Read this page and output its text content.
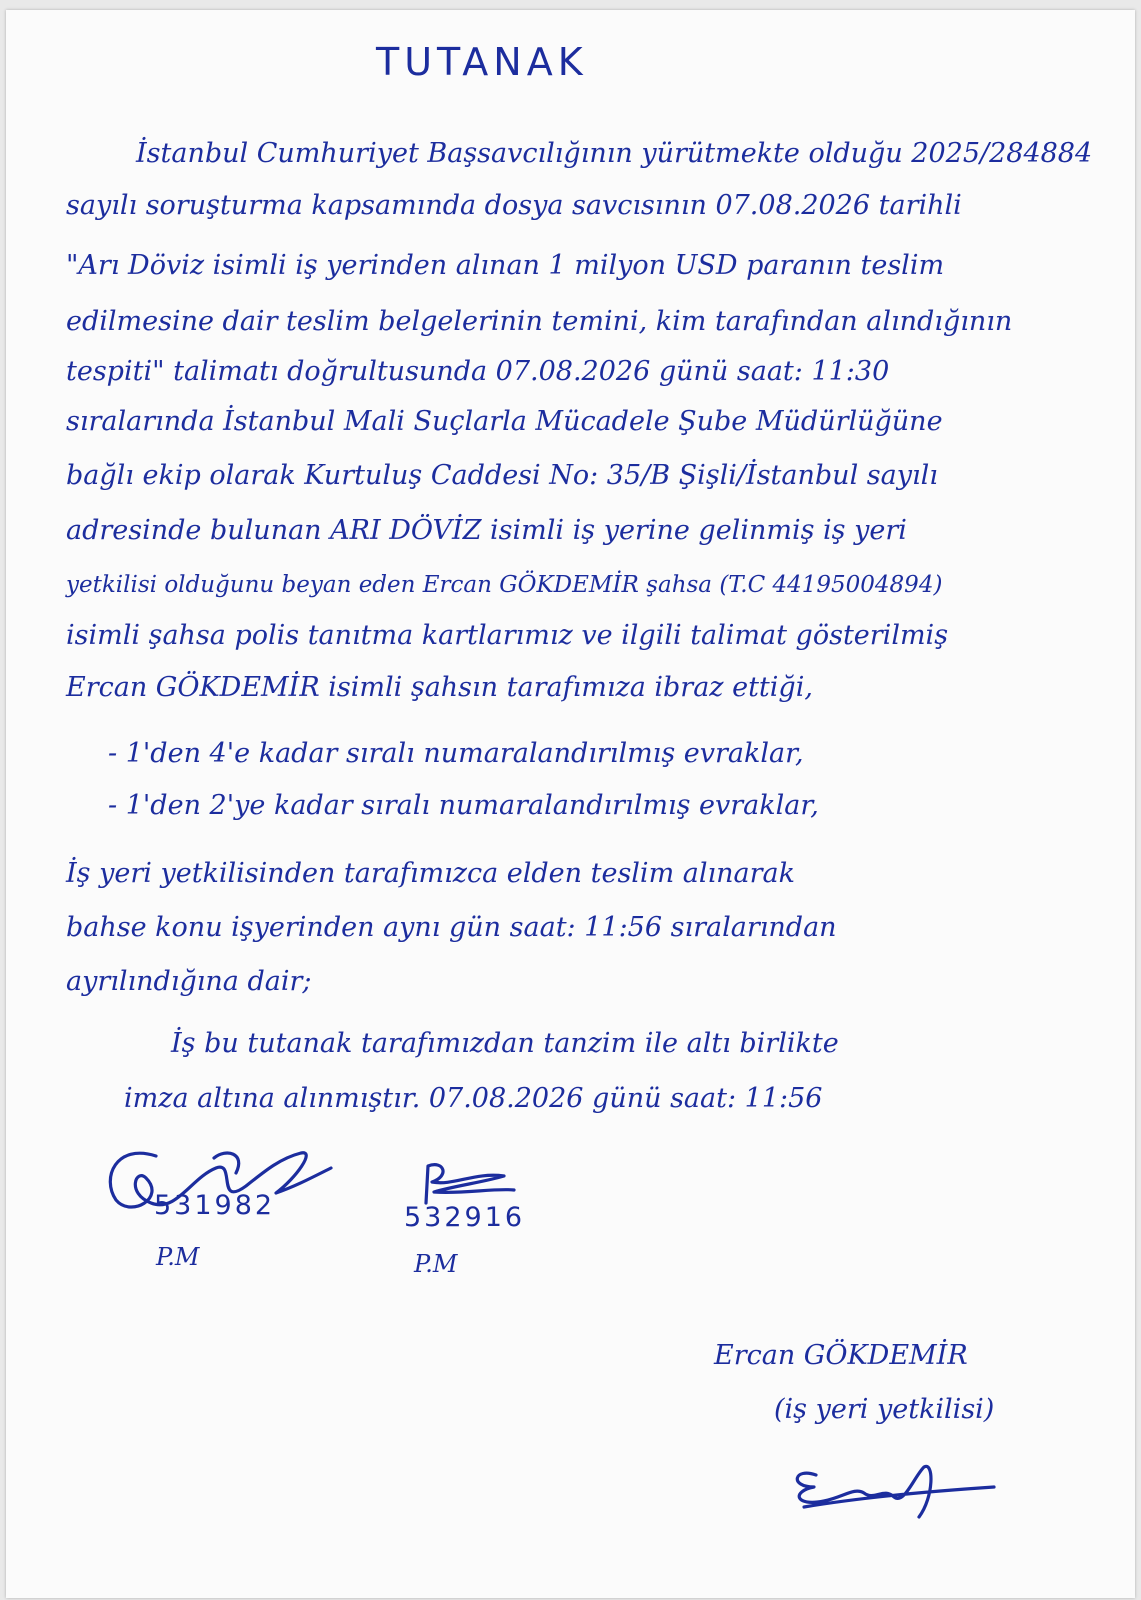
TUTANAK
İstanbul Cumhuriyet Başsavcılığının yürütmekte olduğu 2025/284884
sayılı soruşturma kapsamında dosya savcısının 07.08.2026 tarihli
"Arı Döviz isimli iş yerinden alınan 1 milyon USD paranın teslim
edilmesine dair teslim belgelerinin temini, kim tarafından alındığının
tespiti" talimatı doğrultusunda 07.08.2026 günü saat: 11:30
sıralarında İstanbul Mali Suçlarla Mücadele Şube Müdürlüğüne
bağlı ekip olarak Kurtuluş Caddesi No: 35/B Şişli/İstanbul sayılı
adresinde bulunan ARI DÖVİZ isimli iş yerine gelinmiş iş yeri
yetkilisi olduğunu beyan eden Ercan GÖKDEMİR şahsa (T.C 44195004894)
isimli şahsa polis tanıtma kartlarımız ve ilgili talimat gösterilmiş
Ercan GÖKDEMİR isimli şahsın tarafımıza ibraz ettiği,
- 1'den 4'e kadar sıralı numaralandırılmış evraklar,
- 1'den 2'ye kadar sıralı numaralandırılmış evraklar,
İş yeri yetkilisinden tarafımızca elden teslim alınarak
bahse konu işyerinden aynı gün saat: 11:56 sıralarından
ayrılındığına dair;
İş bu tutanak tarafımızdan tanzim ile altı birlikte
imza altına alınmıştır. 07.08.2026 günü saat: 11:56
531982
P.M
532916
P.M
Ercan GÖKDEMİR
(iş yeri yetkilisi)
